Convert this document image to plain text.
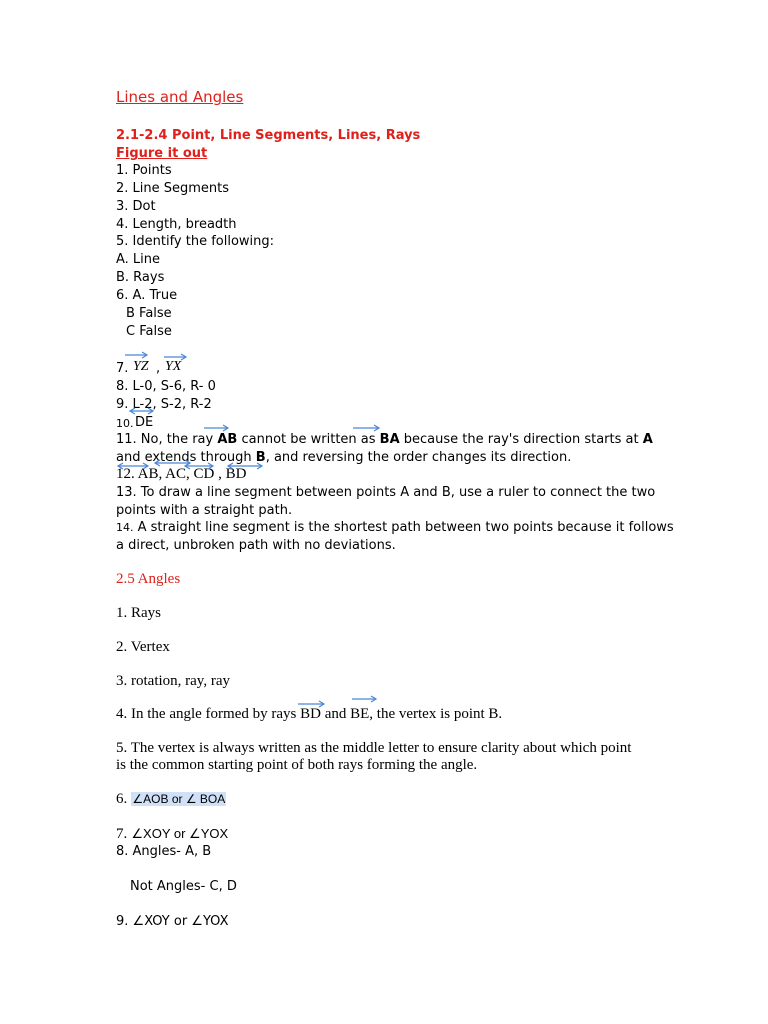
Lines and Angles
2.1-2.4 Point, Line Segments, Lines, Rays
Figure it out
1. Points
2. Line Segments
3. Dot
4. Length, breadth
5. Identify the following:
A. Line
B. Rays
6. A. True
B False
C False
7. YZ , YX
8. L-0, S-6, R- 0
9. L-2, S-2, R-2
10. DE
11. No, the ray AB cannot be written as BA because the ray's direction starts at A
and extends through B, and reversing the order changes its direction.
12. AB, AC, CD , BD
13. To draw a line segment between points A and B, use a ruler to connect the two
points with a straight path.
14. A straight line segment is the shortest path between two points because it follows
a direct, unbroken path with no deviations.
2.5 Angles
1. Rays
2. Vertex
3. rotation, ray, ray
4. In the angle formed by rays BD and BE, the vertex is point B.
5. The vertex is always written as the middle letter to ensure clarity about which point
is the common starting point of both rays forming the angle.
6. ∠AOB or ∠ BOA
7. ∠XOY or ∠YOX
8. Angles- A, B
Not Angles- C, D
9. ∠XOY or ∠YOX
